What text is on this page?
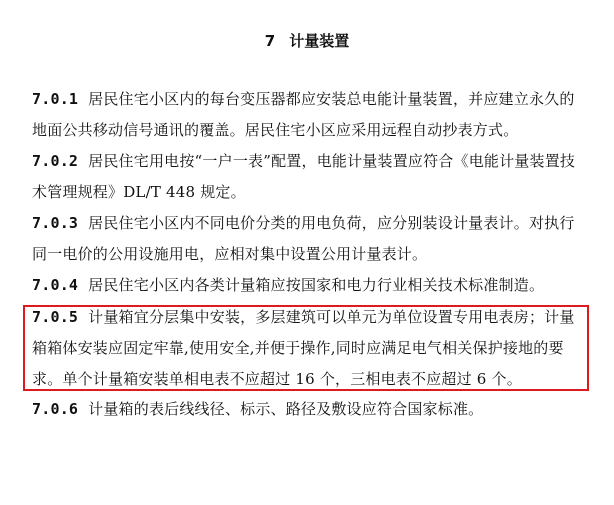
7 计量装置
7.0.1 居民住宅小区内的每台变压器都应安装总电能计量装置，并应建立永久的地面公共移动信号通讯的覆盖。居民住宅小区应采用远程自动抄表方式。
7.0.2 居民住宅用电按“一户一表”配置，电能计量装置应符合《电能计量装置技术管理规程》DL/T 448 规定。
7.0.3 居民住宅小区内不同电价分类的用电负荷，应分别装设计量表计。对执行同一电价的公用设施用电，应相对集中设置公用计量表计。
7.0.4 居民住宅小区内各类计量箱应按国家和电力行业相关技术标准制造。
7.0.5 计量箱宜分层集中安装，多层建筑可以单元为单位设置专用电表房；计量箱箱体安装应固定牢靠,使用安全,并便于操作,同时应满足电气相关保护接地的要求。单个计量箱安装单相电表不应超过 16 个，三相电表不应超过 6 个。
7.0.6 计量箱的表后线线径、标示、路径及敷设应符合国家标准。
